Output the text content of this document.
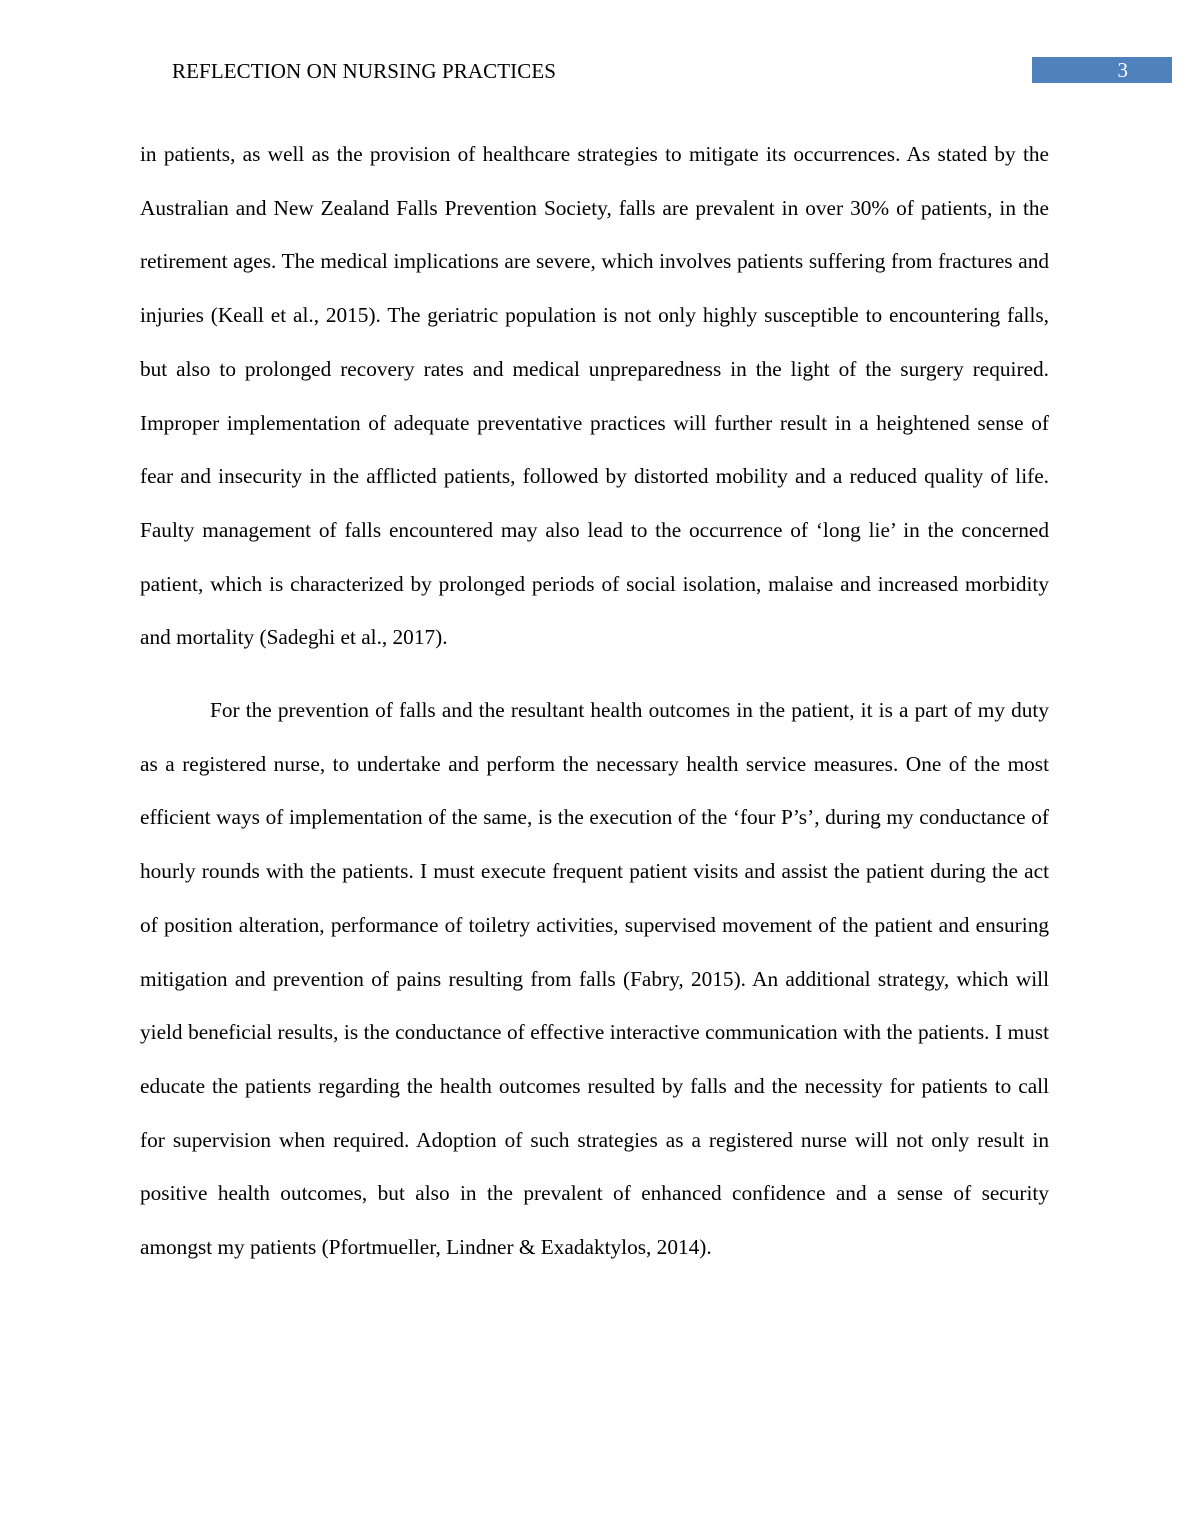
REFLECTION ON NURSING PRACTICES	3

in patients, as well as the provision of healthcare strategies to mitigate its occurrences. As stated by the Australian and New Zealand Falls Prevention Society, falls are prevalent in over 30% of patients, in the retirement ages. The medical implications are severe, which involves patients suffering from fractures and injuries (Keall et al., 2015). The geriatric population is not only highly susceptible to encountering falls, but also to prolonged recovery rates and medical unpreparedness in the light of the surgery required. Improper implementation of adequate preventative practices will further result in a heightened sense of fear and insecurity in the afflicted patients, followed by distorted mobility and a reduced quality of life. Faulty management of falls encountered may also lead to the occurrence of ‘long lie’ in the concerned patient, which is characterized by prolonged periods of social isolation, malaise and increased morbidity and mortality (Sadeghi et al., 2017).

For the prevention of falls and the resultant health outcomes in the patient, it is a part of my duty as a registered nurse, to undertake and perform the necessary health service measures. One of the most efficient ways of implementation of the same, is the execution of the ‘four P’s’, during my conductance of hourly rounds with the patients. I must execute frequent patient visits and assist the patient during the act of position alteration, performance of toiletry activities, supervised movement of the patient and ensuring mitigation and prevention of pains resulting from falls (Fabry, 2015). An additional strategy, which will yield beneficial results, is the conductance of effective interactive communication with the patients. I must educate the patients regarding the health outcomes resulted by falls and the necessity for patients to call for supervision when required. Adoption of such strategies as a registered nurse will not only result in positive health outcomes, but also in the prevalent of enhanced confidence and a sense of security amongst my patients (Pfortmueller, Lindner & Exadaktylos, 2014).
